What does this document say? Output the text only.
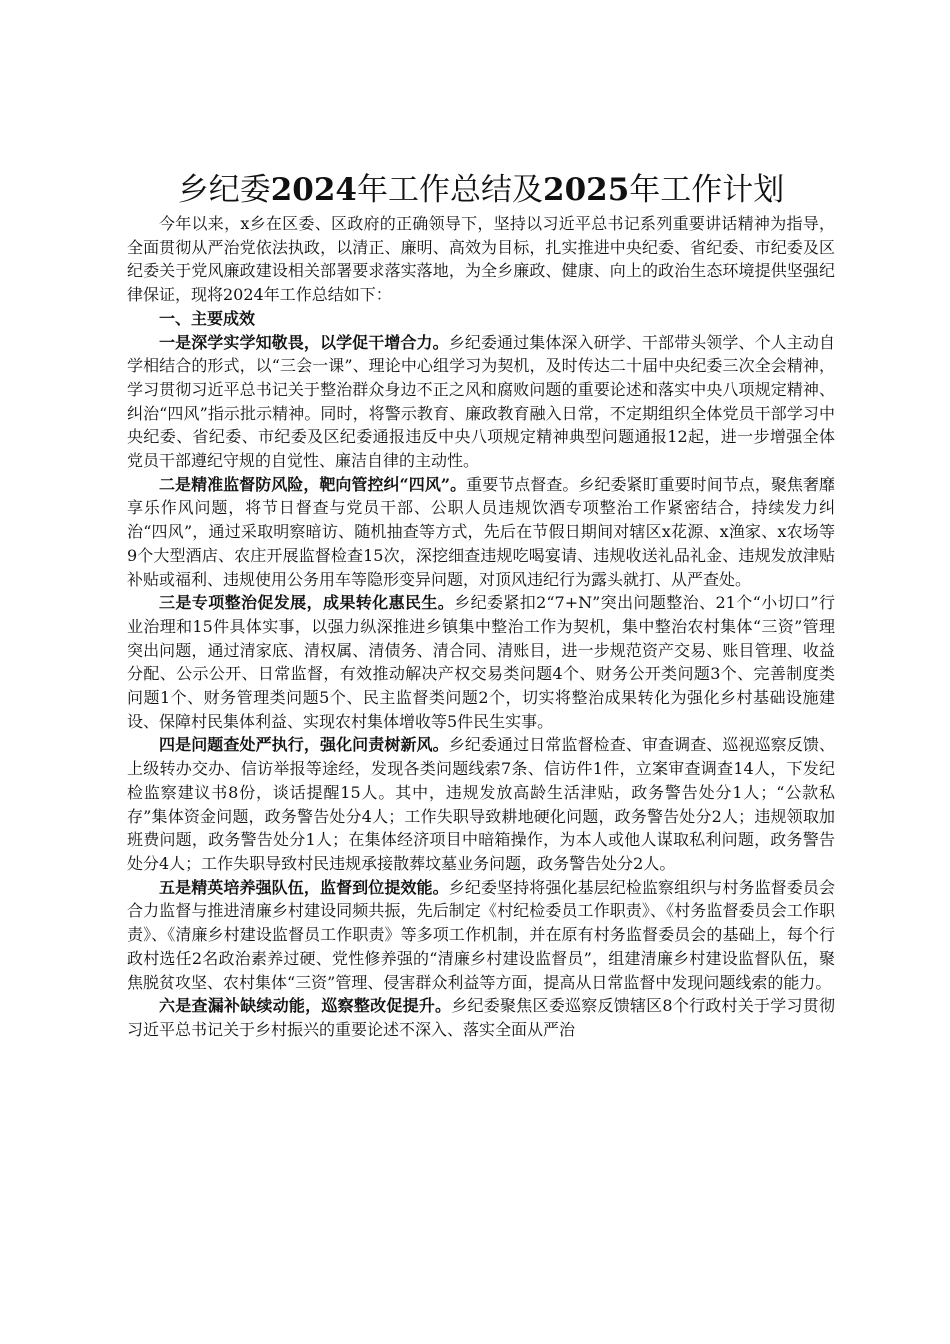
乡纪委2024年工作总结及2025年工作计划

今年以来，x乡在区委、区政府的正确领导下，坚持以习近平总书记系列重要讲话精神为指导，全面贯彻从严治党依法执政，以清正、廉明、高效为目标，扎实推进中央纪委、省纪委、市纪委及区纪委关于党风廉政建设相关部署要求落实落地，为全乡廉政、健康、向上的政治生态环境提供坚强纪律保证，现将2024年工作总结如下：

一、主要成效

一是深学实学知敬畏，以学促干增合力。乡纪委通过集体深入研学、干部带头领学、个人主动自学相结合的形式，以“三会一课”、理论中心组学习为契机，及时传达二十届中央纪委三次全会精神，学习贯彻习近平总书记关于整治群众身边不正之风和腐败问题的重要论述和落实中央八项规定精神、纠治“四风”指示批示精神。同时，将警示教育、廉政教育融入日常，不定期组织全体党员干部学习中央纪委、省纪委、市纪委及区纪委通报违反中央八项规定精神典型问题通报12起，进一步增强全体党员干部遵纪守规的自觉性、廉洁自律的主动性。

二是精准监督防风险，靶向管控纠“四风”。重要节点督查。乡纪委紧盯重要时间节点，聚焦奢靡享乐作风问题，将节日督查与党员干部、公职人员违规饮酒专项整治工作紧密结合，持续发力纠治“四风”，通过采取明察暗访、随机抽查等方式，先后在节假日期间对辖区x花源、x渔家、x农场等9个大型酒店、农庄开展监督检查15次，深挖细查违规吃喝宴请、违规收送礼品礼金、违规发放津贴补贴或福利、违规使用公务用车等隐形变异问题，对顶风违纪行为露头就打、从严查处。

三是专项整治促发展，成果转化惠民生。乡纪委紧扣2“7+N”突出问题整治、21个“小切口”行业治理和15件具体实事，以强力纵深推进乡镇集中整治工作为契机，集中整治农村集体“三资”管理突出问题，通过清家底、清权属、清债务、清合同、清账目，进一步规范资产交易、账目管理、收益分配、公示公开、日常监督，有效推动解决产权交易类问题4个、财务公开类问题3个、完善制度类问题1个、财务管理类问题5个、民主监督类问题2个，切实将整治成果转化为强化乡村基础设施建设、保障村民集体利益、实现农村集体增收等5件民生实事。

四是问题查处严执行，强化问责树新风。乡纪委通过日常监督检查、审查调查、巡视巡察反馈、上级转办交办、信访举报等途经，发现各类问题线索7条、信访件1件，立案审查调查14人，下发纪检监察建议书8份，谈话提醒15人。其中，违规发放高龄生活津贴，政务警告处分1人；“公款私存”集体资金问题，政务警告处分4人；工作失职导致耕地硬化问题，政务警告处分2人；违规领取加班费问题，政务警告处分1人；在集体经济项目中暗箱操作，为本人或他人谋取私利问题，政务警告处分4人；工作失职导致村民违规承接散葬坟墓业务问题，政务警告处分2人。

五是精英培养强队伍，监督到位提效能。乡纪委坚持将强化基层纪检监察组织与村务监督委员会合力监督与推进清廉乡村建设同频共振，先后制定《村纪检委员工作职责》、《村务监督委员会工作职责》、《清廉乡村建设监督员工作职责》等多项工作机制，并在原有村务监督委员会的基础上，每个行政村选任2名政治素养过硬、党性修养强的“清廉乡村建设监督员”，组建清廉乡村建设监督队伍，聚焦脱贫攻坚、农村集体“三资”管理、侵害群众利益等方面，提高从日常监督中发现问题线索的能力。

六是查漏补缺续动能，巡察整改促提升。乡纪委聚焦区委巡察反馈辖区8个行政村关于学习贯彻习近平总书记关于乡村振兴的重要论述不深入、落实全面从严治
